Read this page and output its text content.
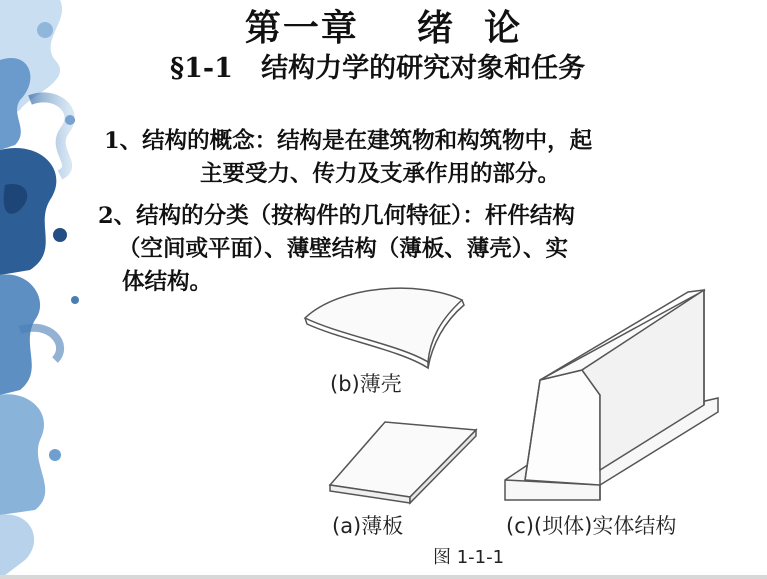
第一章    绪  论
§1-1   结构力学的研究对象和任务
1、结构的概念：结构是在建筑物和构筑物中，起
主要受力、传力及支承作用的部分。
2、结构的分类（按构件的几何特征）：杆件结构
（空间或平面）、薄壁结构（薄板、薄壳）、实
体结构。
(b)薄壳
(a)薄板	(c)(坝体)实体结构
图 1-1-1
